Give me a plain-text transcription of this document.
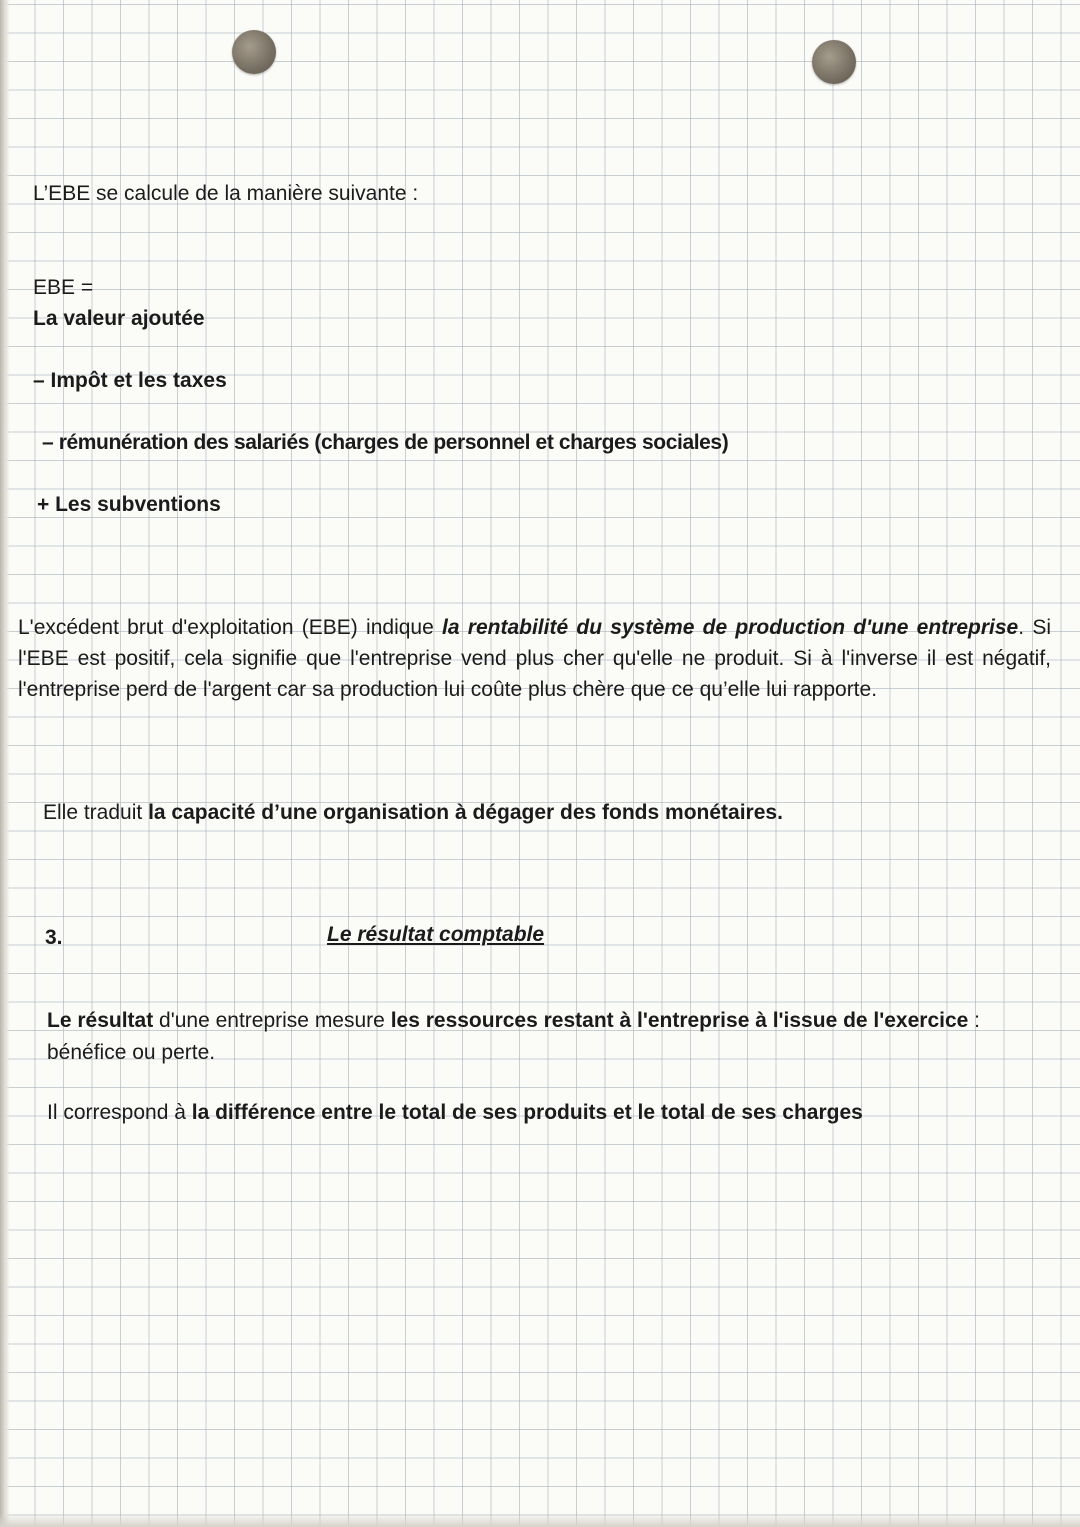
L’EBE se calcule de la manière suivante :
EBE =
La valeur ajoutée
– Impôt et les taxes
– rémunération des salariés (charges de personnel et charges sociales)
+ Les subventions
L'excédent brut d'exploitation (EBE) indique la rentabilité du système de production d'une entreprise. Si l'EBE est positif, cela signifie que l'entreprise vend plus cher qu'elle ne produit. Si à l'inverse il est négatif, l'entreprise perd de l'argent car sa production lui coûte plus chère que ce qu’elle lui rapporte.
Elle traduit la capacité d’une organisation à dégager des fonds monétaires.
3.	Le résultat comptable
Le résultat d'une entreprise mesure les ressources restant à l'entreprise à l'issue de l'exercice :
bénéfice ou perte.
Il correspond à la différence entre le total de ses produits et le total de ses charges
